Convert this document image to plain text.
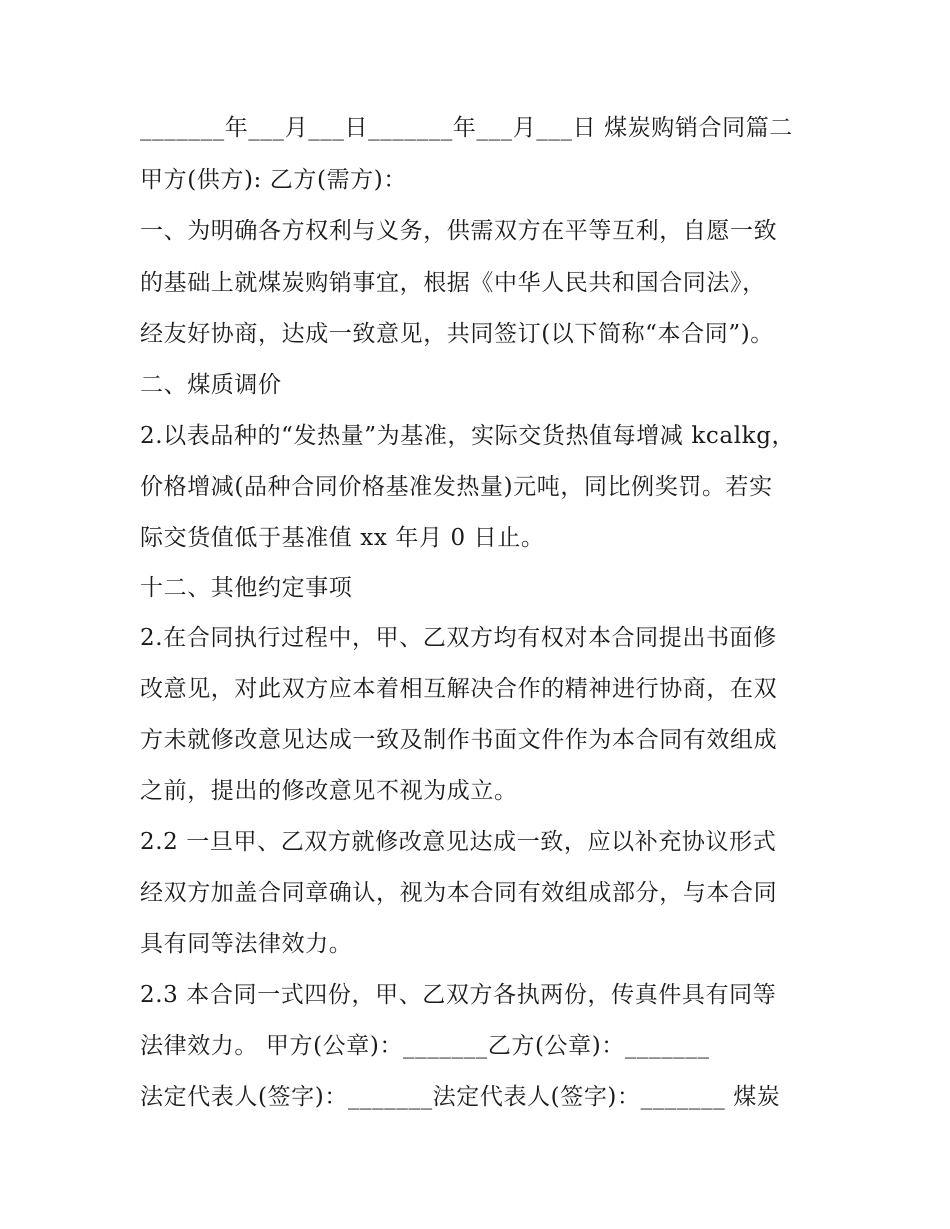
_______年___月___日_______年___月___日 煤炭购销合同篇二
甲方(供方): 乙方(需方)：
一、为明确各方权利与义务，供需双方在平等互利，自愿一致
的基础上就煤炭购销事宜，根据《中华人民共和国合同法》，
经友好协商，达成一致意见，共同签订(以下简称“本合同”)。
二、煤质调价
2.以表品种的“发热量”为基准，实际交货热值每增减 kcalkg，
价格增减(品种合同价格基准发热量)元吨，同比例奖罚。若实
际交货值低于基准值 xx 年月 0 日止。
十二、其他约定事项
2.在合同执行过程中，甲、乙双方均有权对本合同提出书面修
改意见，对此双方应本着相互解决合作的精神进行协商，在双
方未就修改意见达成一致及制作书面文件作为本合同有效组成
之前，提出的修改意见不视为成立。
2.2 一旦甲、乙双方就修改意见达成一致，应以补充协议形式
经双方加盖合同章确认，视为本合同有效组成部分，与本合同
具有同等法律效力。
2.3 本合同一式四份，甲、乙双方各执两份，传真件具有同等
法律效力。 甲方(公章)：_______乙方(公章)：_______
法定代表人(签字)：_______法定代表人(签字)：_______ 煤炭
